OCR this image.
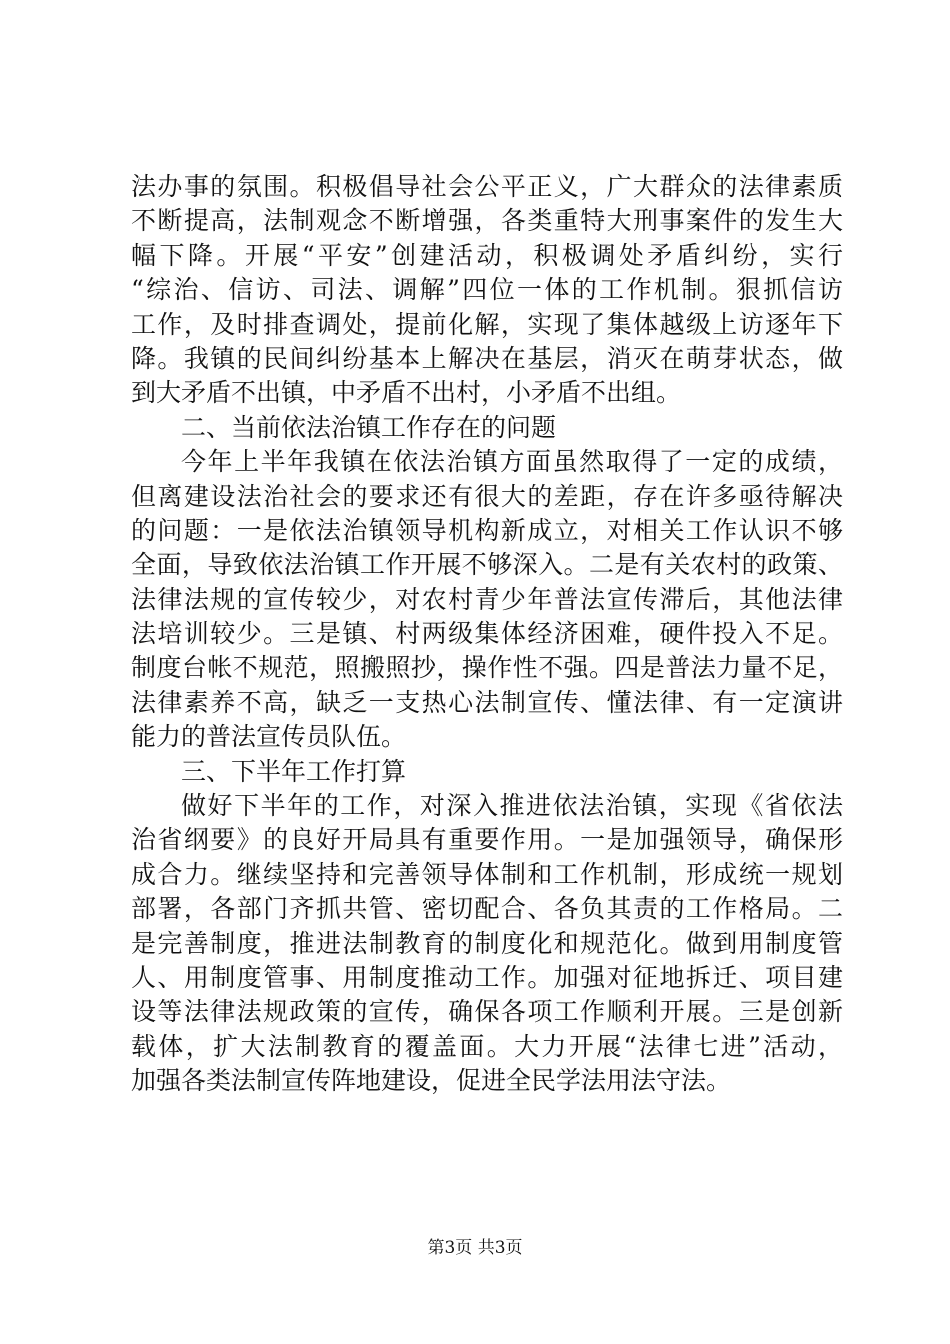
法办事的氛围。积极倡导社会公平正义，广大群众的法律素质
不断提高，法制观念不断增强，各类重特大刑事案件的发生大
幅下降。开展“平安”创建活动，积极调处矛盾纠纷，实行
“综治、信访、司法、调解”四位一体的工作机制。狠抓信访
工作，及时排查调处，提前化解，实现了集体越级上访逐年下
降。我镇的民间纠纷基本上解决在基层，消灭在萌芽状态，做
到大矛盾不出镇，中矛盾不出村，小矛盾不出组。
二、当前依法治镇工作存在的问题
今年上半年我镇在依法治镇方面虽然取得了一定的成绩，
但离建设法治社会的要求还有很大的差距，存在许多亟待解决
的问题：一是依法治镇领导机构新成立，对相关工作认识不够
全面，导致依法治镇工作开展不够深入。二是有关农村的政策、
法律法规的宣传较少，对农村青少年普法宣传滞后，其他法律
法培训较少。三是镇、村两级集体经济困难，硬件投入不足。
制度台帐不规范，照搬照抄，操作性不强。四是普法力量不足，
法律素养不高，缺乏一支热心法制宣传、懂法律、有一定演讲
能力的普法宣传员队伍。
三、下半年工作打算
做好下半年的工作，对深入推进依法治镇，实现《省依法
治省纲要》的良好开局具有重要作用。一是加强领导，确保形
成合力。继续坚持和完善领导体制和工作机制，形成统一规划
部署，各部门齐抓共管、密切配合、各负其责的工作格局。二
是完善制度，推进法制教育的制度化和规范化。做到用制度管
人、用制度管事、用制度推动工作。加强对征地拆迁、项目建
设等法律法规政策的宣传，确保各项工作顺利开展。三是创新
载体，扩大法制教育的覆盖面。大力开展“法律七进”活动，
加强各类法制宣传阵地建设，促进全民学法用法守法。
第3页 共3页
